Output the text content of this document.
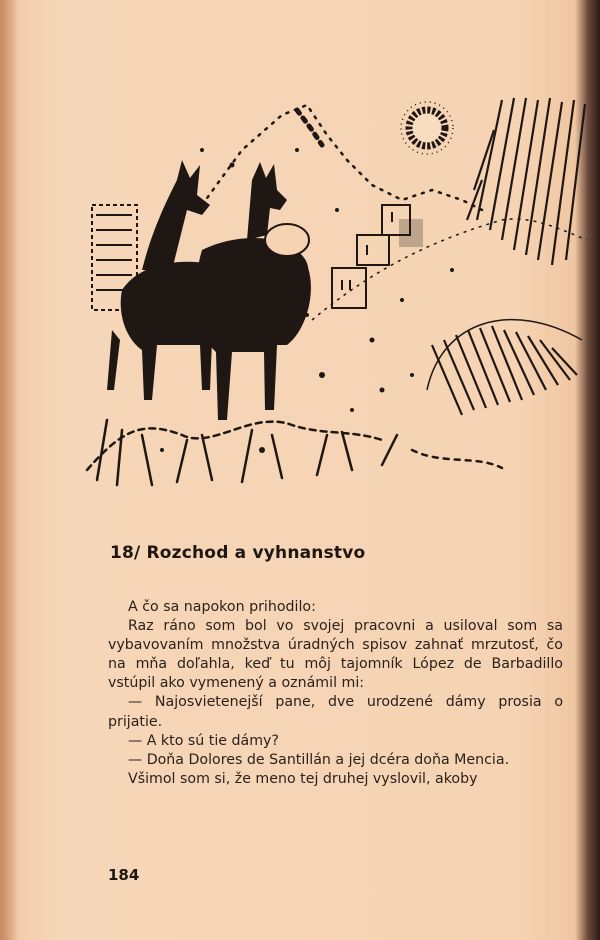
18/ Rozchod a vyhnanstvo

A čo sa napokon prihodilo:

Raz ráno som bol vo svojej pracovni a usiloval som sa vybavovaním množstva úradných spisov zahnať mrzutosť, čo na mňa doľahla, keď tu môj tajomník López de Barbadillo vstúpil ako vymenený a oznámil mi:

— Najosvietenejší pane, dve urodzené dámy prosia o prijatie.

— A kto sú tie dámy?

— Doňa Dolores de Santillán a jej dcéra doňa Mencia.

Všimol som si, že meno tej druhej vyslovil, akoby

184
